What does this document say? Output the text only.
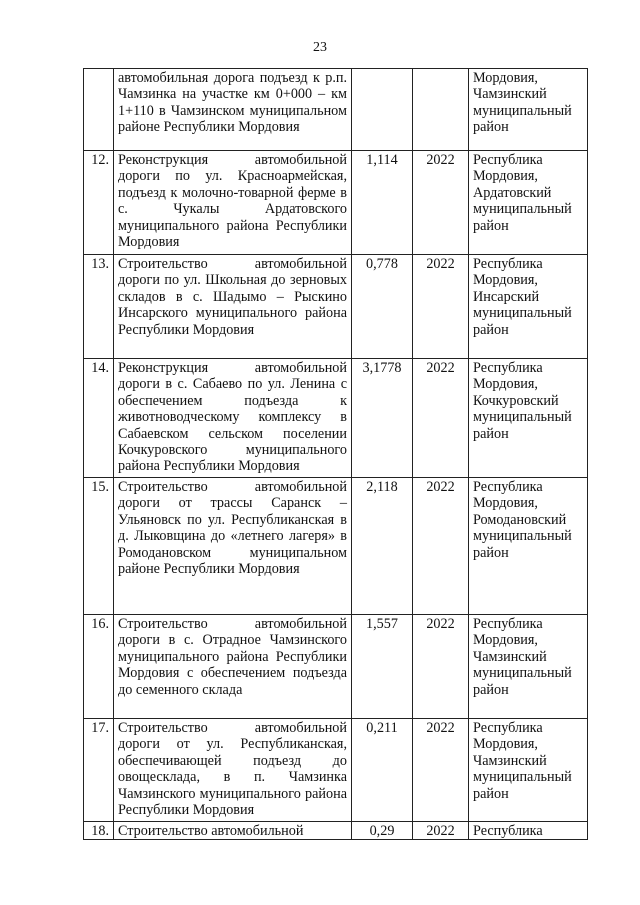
23
	автомобильная дорога подъезд к р.п. Чамзинка на участке км 0+000 – км 1+110 в Чамзинском муниципальном районе Республики Мордовия			Мордовия, Чамзинский муниципальный район
12.	Реконструкция автомобильной дороги по ул. Красноармейская, подъезд к молочно-товарной ферме в с. Чукалы Ардатовского муниципального района Республики Мордовия	1,114	2022	Республика Мордовия, Ардатовский муниципальный район
13.	Строительство автомобильной дороги по ул. Школьная до зерновых складов в с. Шадымо – Рыскино Инсарского муниципального района Республики Мордовия	0,778	2022	Республика Мордовия, Инсарский муниципальный район
14.	Реконструкция автомобильной дороги в с. Сабаево по ул. Ленина с обеспечением подъезда к животноводческому комплексу в Сабаевском сельском поселении Кочкуровского муниципального района Республики Мордовия	3,1778	2022	Республика Мордовия, Кочкуровский муниципальный район
15.	Строительство автомобильной дороги от трассы Саранск – Ульяновск по ул. Республиканская в д. Лыковщина до «летнего лагеря» в Ромодановском муниципальном районе Республики Мордовия	2,118	2022	Республика Мордовия, Ромодановский муниципальный район
16.	Строительство автомобильной дороги в с. Отрадное Чамзинского муниципального района Республики Мордовия с обеспечением подъезда до семенного склада	1,557	2022	Республика Мордовия, Чамзинский муниципальный район
17.	Строительство автомобильной дороги от ул. Республиканская, обеспечивающей подъезд до овощесклада, в п. Чамзинка Чамзинского муниципального района Республики Мордовия	0,211	2022	Республика Мордовия, Чамзинский муниципальный район
18.	Строительство автомобильной	0,29	2022	Республика
